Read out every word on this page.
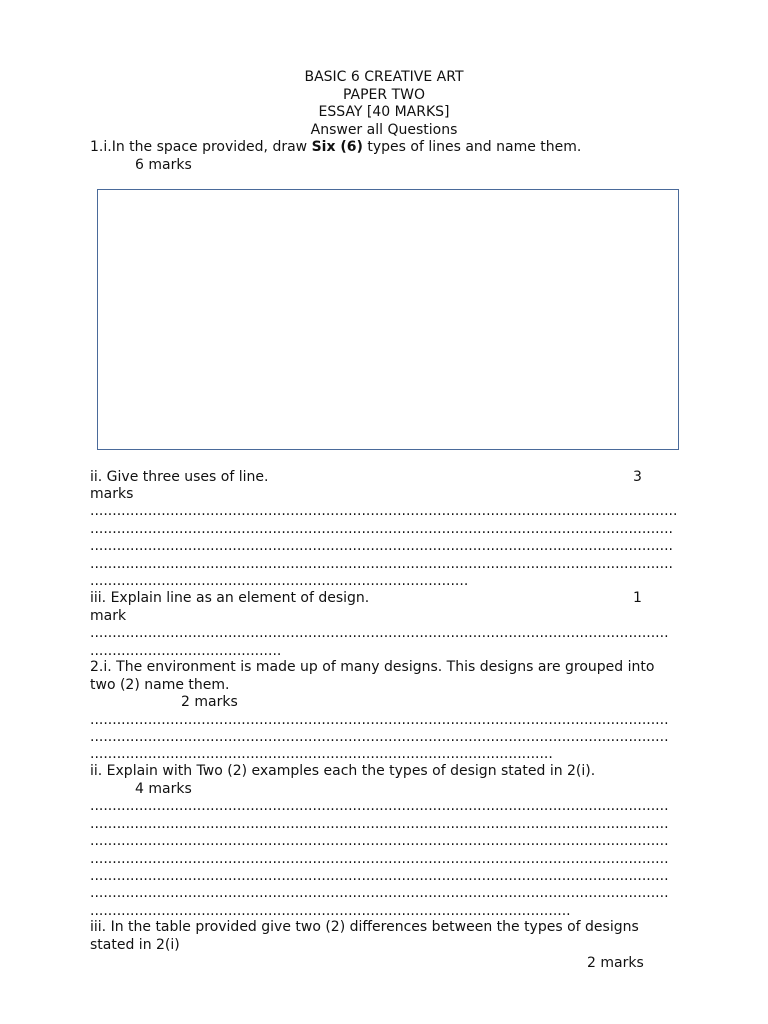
BASIC 6 CREATIVE ART
PAPER TWO
ESSAY [40 MARKS]
Answer all Questions
1.i.In the space provided, draw Six (6) types of lines and name them.
6 marks
ii. Give three uses of line.	3
marks
....................................................................................................................................
...................................................................................................................................
...................................................................................................................................
...................................................................................................................................
.....................................................................................
iii. Explain line as an element of design.	1
mark
..................................................................................................................................
...........................................
2.i. The environment is made up of many designs. This designs are grouped into
two (2) name them.
2 marks
..................................................................................................................................
..................................................................................................................................
........................................................................................................
ii. Explain with Two (2) examples each the types of design stated in 2(i).
4 marks
..................................................................................................................................
..................................................................................................................................
..................................................................................................................................
..................................................................................................................................
..................................................................................................................................
..................................................................................................................................
............................................................................................................
iii. In the table provided give two (2) differences between the types of designs
stated in 2(i)
2 marks
